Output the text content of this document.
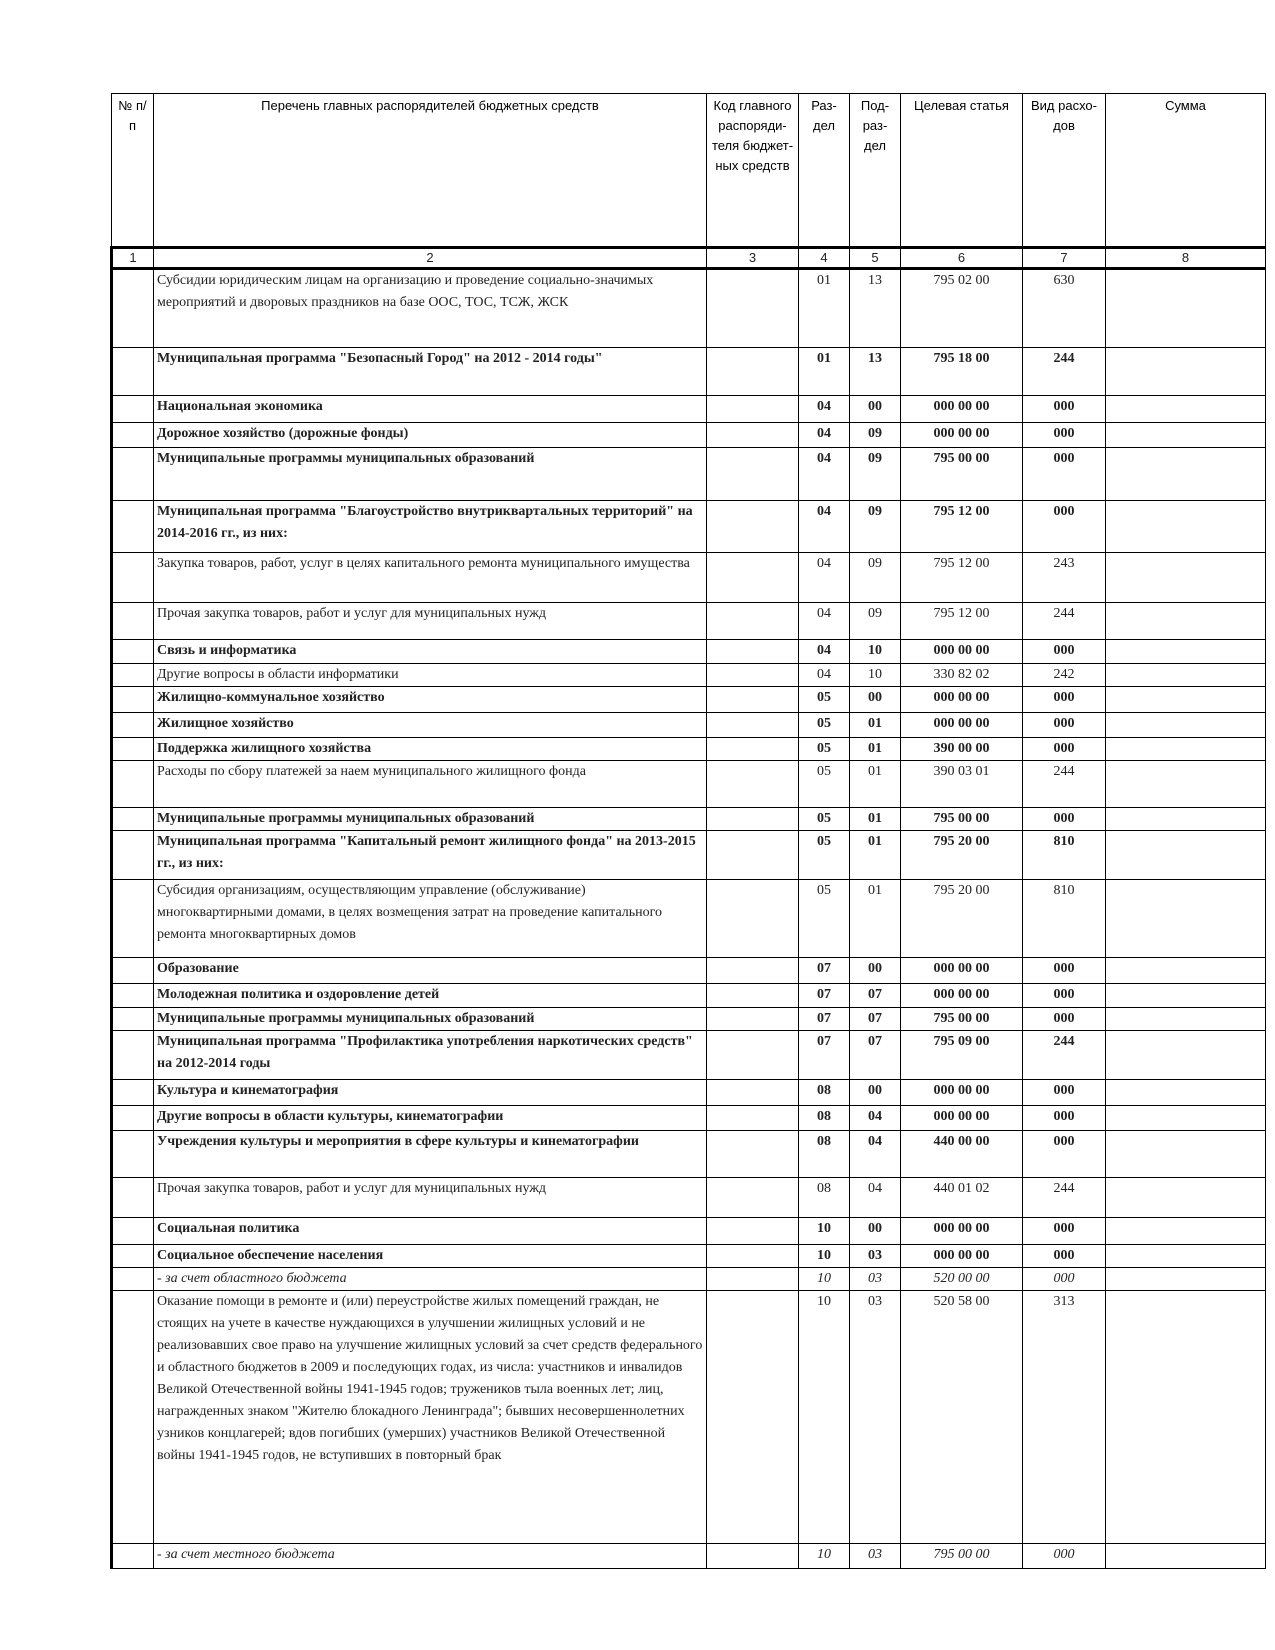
№ п/п	Перечень главных распорядителей бюджетных средств	Код главного распоряди-теля бюджет-ных средств	Раз-дел	Под-раз-дел	Целевая статья	Вид расхо-дов	Сумма
1	2	3	4	5	6	7	8
	Субсидии юридическим лицам на организацию и проведение социально-значимых мероприятий и дворовых праздников на базе ООС, ТОС, ТСЖ, ЖСК		01	13	795 02 00	630	
	Муниципальная программа "Безопасный Город" на 2012 - 2014 годы"		01	13	795 18 00	244	
	Национальная экономика		04	00	000 00 00	000	
	Дорожное хозяйство (дорожные фонды)		04	09	000 00 00	000	
	Муниципальные программы муниципальных образований		04	09	795 00 00	000	
	Муниципальная программа "Благоустройство внутриквартальных территорий" на 2014-2016 гг., из них:		04	09	795 12 00	000	
	Закупка товаров, работ, услуг в целях капитального ремонта муниципального имущества		04	09	795 12 00	243	
	Прочая закупка товаров, работ и услуг для муниципальных нужд		04	09	795 12 00	244	
	Связь и информатика		04	10	000 00 00	000	
	Другие вопросы в области информатики		04	10	330 82 02	242	
	Жилищно-коммунальное хозяйство		05	00	000 00 00	000	
	Жилищное хозяйство		05	01	000 00 00	000	
	Поддержка жилищного хозяйства		05	01	390 00 00	000	
	Расходы по сбору платежей за наем муниципального жилищного фонда		05	01	390 03 01	244	
	Муниципальные программы муниципальных образований		05	01	795 00 00	000	
	Муниципальная программа "Капитальный ремонт жилищного фонда" на 2013-2015 гг., из них:		05	01	795 20 00	810	
	Субсидия организациям, осуществляющим управление (обслуживание) многоквартирными домами, в целях возмещения затрат на проведение капитального ремонта многоквартирных домов		05	01	795 20 00	810	
	Образование		07	00	000 00 00	000	
	Молодежная политика и оздоровление детей		07	07	000 00 00	000	
	Муниципальные программы муниципальных образований		07	07	795 00 00	000	
	Муниципальная программа "Профилактика употребления наркотических средств" на 2012-2014 годы		07	07	795 09 00	244	
	Культура и кинематография		08	00	000 00 00	000	
	Другие вопросы в области культуры, кинематографии		08	04	000 00 00	000	
	Учреждения культуры и мероприятия в сфере культуры и кинематографии		08	04	440 00 00	000	
	Прочая закупка товаров, работ и услуг для муниципальных нужд		08	04	440 01 02	244	
	Социальная политика		10	00	000 00 00	000	
	Социальное обеспечение населения		10	03	000 00 00	000	
	- за счет областного бюджета		10	03	520 00 00	000	
	Оказание помощи в ремонте и (или) переустройстве жилых помещений граждан, не стоящих на учете в качестве нуждающихся в улучшении жилищных условий и не реализовавших свое право на улучшение жилищных условий за счет средств федерального и областного бюджетов в 2009 и последующих годах, из числа: участников и инвалидов Великой Отечественной войны 1941-1945 годов; тружеников тыла военных лет; лиц, награжденных знаком "Жителю блокадного Ленинграда"; бывших несовершеннолетних узников концлагерей; вдов погибших (умерших) участников Великой Отечественной войны 1941-1945 годов, не вступивших в повторный брак		10	03	520 58 00	313	
	- за счет местного бюджета		10	03	795 00 00	000	
